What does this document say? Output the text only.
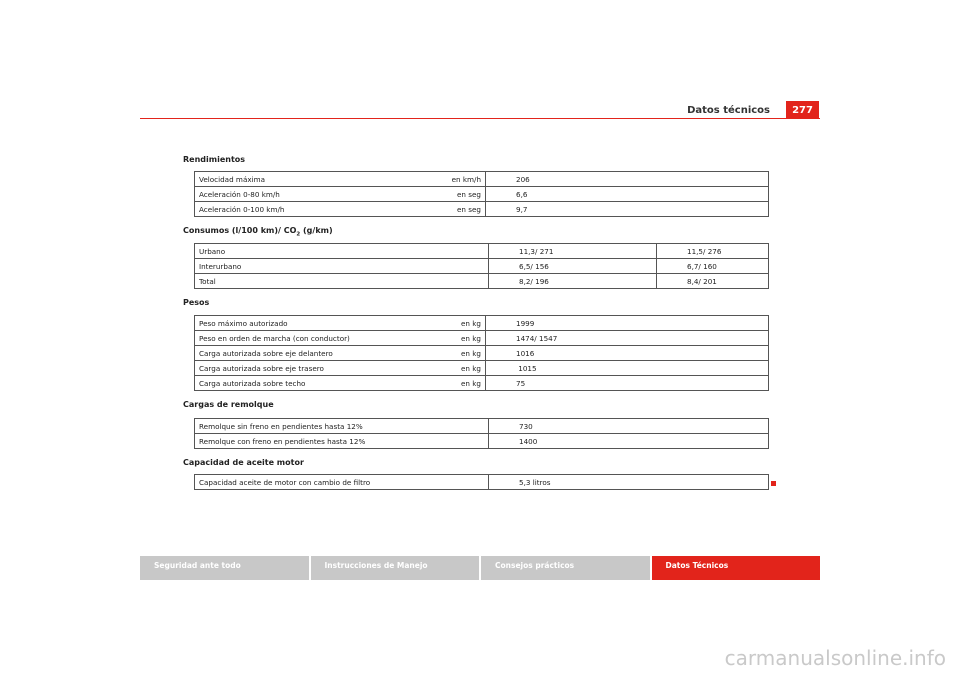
Datos técnicos	277
Rendimientos
Velocidad máxima	en km/h	206	
Aceleración 0-80 km/h	en seg	6,6	
Aceleración 0-100 km/h	en seg	9,7	
Consumos (l/100 km)/ $CO_2$ (g/km)
Urbano	11,3/ 271	11,5/ 276
Interurbano	6,5/ 156	6,7/ 160
Total	8,2/ 196	8,4/ 201
Pesos
Peso máximo autorizado	en kg	1999	
Peso en orden de marcha (con conductor)	en kg	1474/ 1547	
Carga autorizada sobre eje delantero	en kg	1016	
Carga autorizada sobre eje trasero	en kg	1015	
Carga autorizada sobre techo	en kg	75	
Cargas de remolque
Remolque sin freno en pendientes hasta 12%	730	
Remolque con freno en pendientes hasta 12%	1400	
Capacidad de aceite motor
Capacidad aceite de motor con cambio de filtro	5,3 litros	
Seguridad ante todo	Instrucciones de Manejo	Consejos prácticos	Datos Técnicos
carmanualsonline.info
